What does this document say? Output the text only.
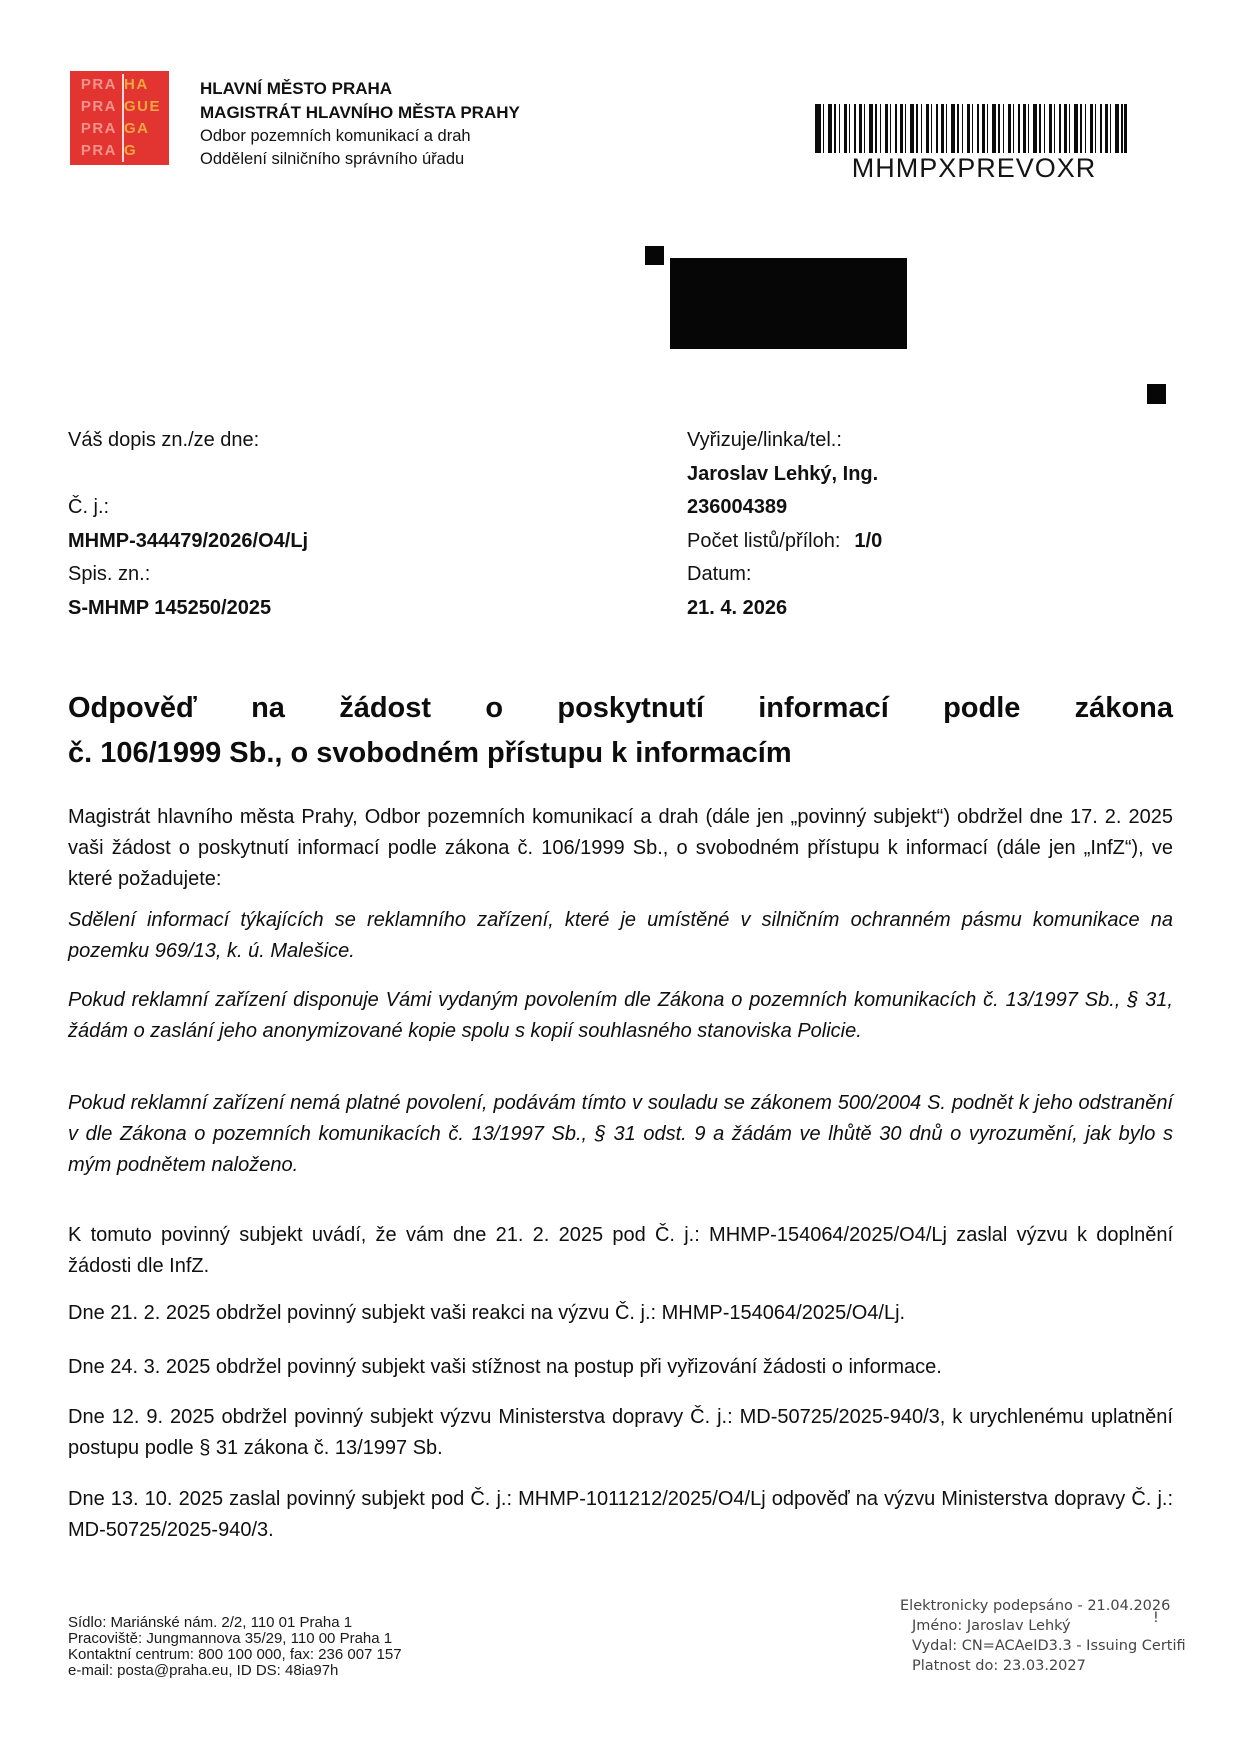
PRA HA
PRA GUE
PRA GA
PRA G
HLAVNÍ MĚSTO PRAHA
MAGISTRÁT HLAVNÍHO MĚSTA PRAHY
Odbor pozemních komunikací a drah
Oddělení silničního správního úřadu	MHMPXPREVOXR
Váš dopis zn./ze dne:
Č. j.:
MHMP-344479/2026/O4/Lj
Spis. zn.:
S-MHMP 145250/2025
Vyřizuje/linka/tel.:
Jaroslav Lehký, Ing.
236004389
Počet listů/příloh: 1/0
Datum:
21. 4. 2026
Odpověď na žádost o poskytnutí informací podle zákona
č. 106/1999 Sb., o svobodném přístupu k informacím
Magistrát hlavního města Prahy, Odbor pozemních komunikací a drah (dále jen „povinný subjekt“) obdržel dne 17. 2. 2025 vaši žádost o poskytnutí informací podle zákona č. 106/1999 Sb., o svobodném přístupu k informací (dále jen „InfZ“), ve které požadujete:
Sdělení informací týkajících se reklamního zařízení, které je umístěné v silničním ochranném pásmu komunikace na pozemku 969/13, k. ú. Malešice.
Pokud reklamní zařízení disponuje Vámi vydaným povolením dle Zákona o pozemních komunikacích č. 13/1997 Sb., § 31, žádám o zaslání jeho anonymizované kopie spolu s kopií souhlasného stanoviska Policie.
Pokud reklamní zařízení nemá platné povolení, podávám tímto v souladu se zákonem 500/2004 S. podnět k jeho odstranění v dle Zákona o pozemních komunikacích č. 13/1997 Sb., § 31 odst. 9 a žádám ve lhůtě 30 dnů o vyrozumění, jak bylo s mým podnětem naloženo.
K tomuto povinný subjekt uvádí, že vám dne 21. 2. 2025 pod Č. j.: MHMP-154064/2025/O4/Lj zaslal výzvu k doplnění žádosti dle InfZ.
Dne 21. 2. 2025 obdržel povinný subjekt vaši reakci na výzvu Č. j.: MHMP-154064/2025/O4/Lj.
Dne 24. 3. 2025 obdržel povinný subjekt vaši stížnost na postup při vyřizování žádosti o informace.
Dne 12. 9. 2025 obdržel povinný subjekt výzvu Ministerstva dopravy Č. j.: MD-50725/2025-940/3, k urychlenému uplatnění postupu podle § 31 zákona č. 13/1997 Sb.
Dne 13. 10. 2025 zaslal povinný subjekt pod Č. j.: MHMP-1011212/2025/O4/Lj odpověď na výzvu Ministerstva dopravy Č. j.: MD-50725/2025-940/3.
Sídlo: Mariánské nám. 2/2, 110 01 Praha 1
Pracoviště: Jungmannova 35/29, 110 00 Praha 1
Kontaktní centrum: 800 100 000, fax: 236 007 157
e-mail: posta@praha.eu, ID DS: 48ia97h
Elektronicky podepsáno - 21.04.2026
Jméno: Jaroslav Lehký
Vydal: CN=ACAeID3.3 - Issuing Certifi
Platnost do: 23.03.2027
!
